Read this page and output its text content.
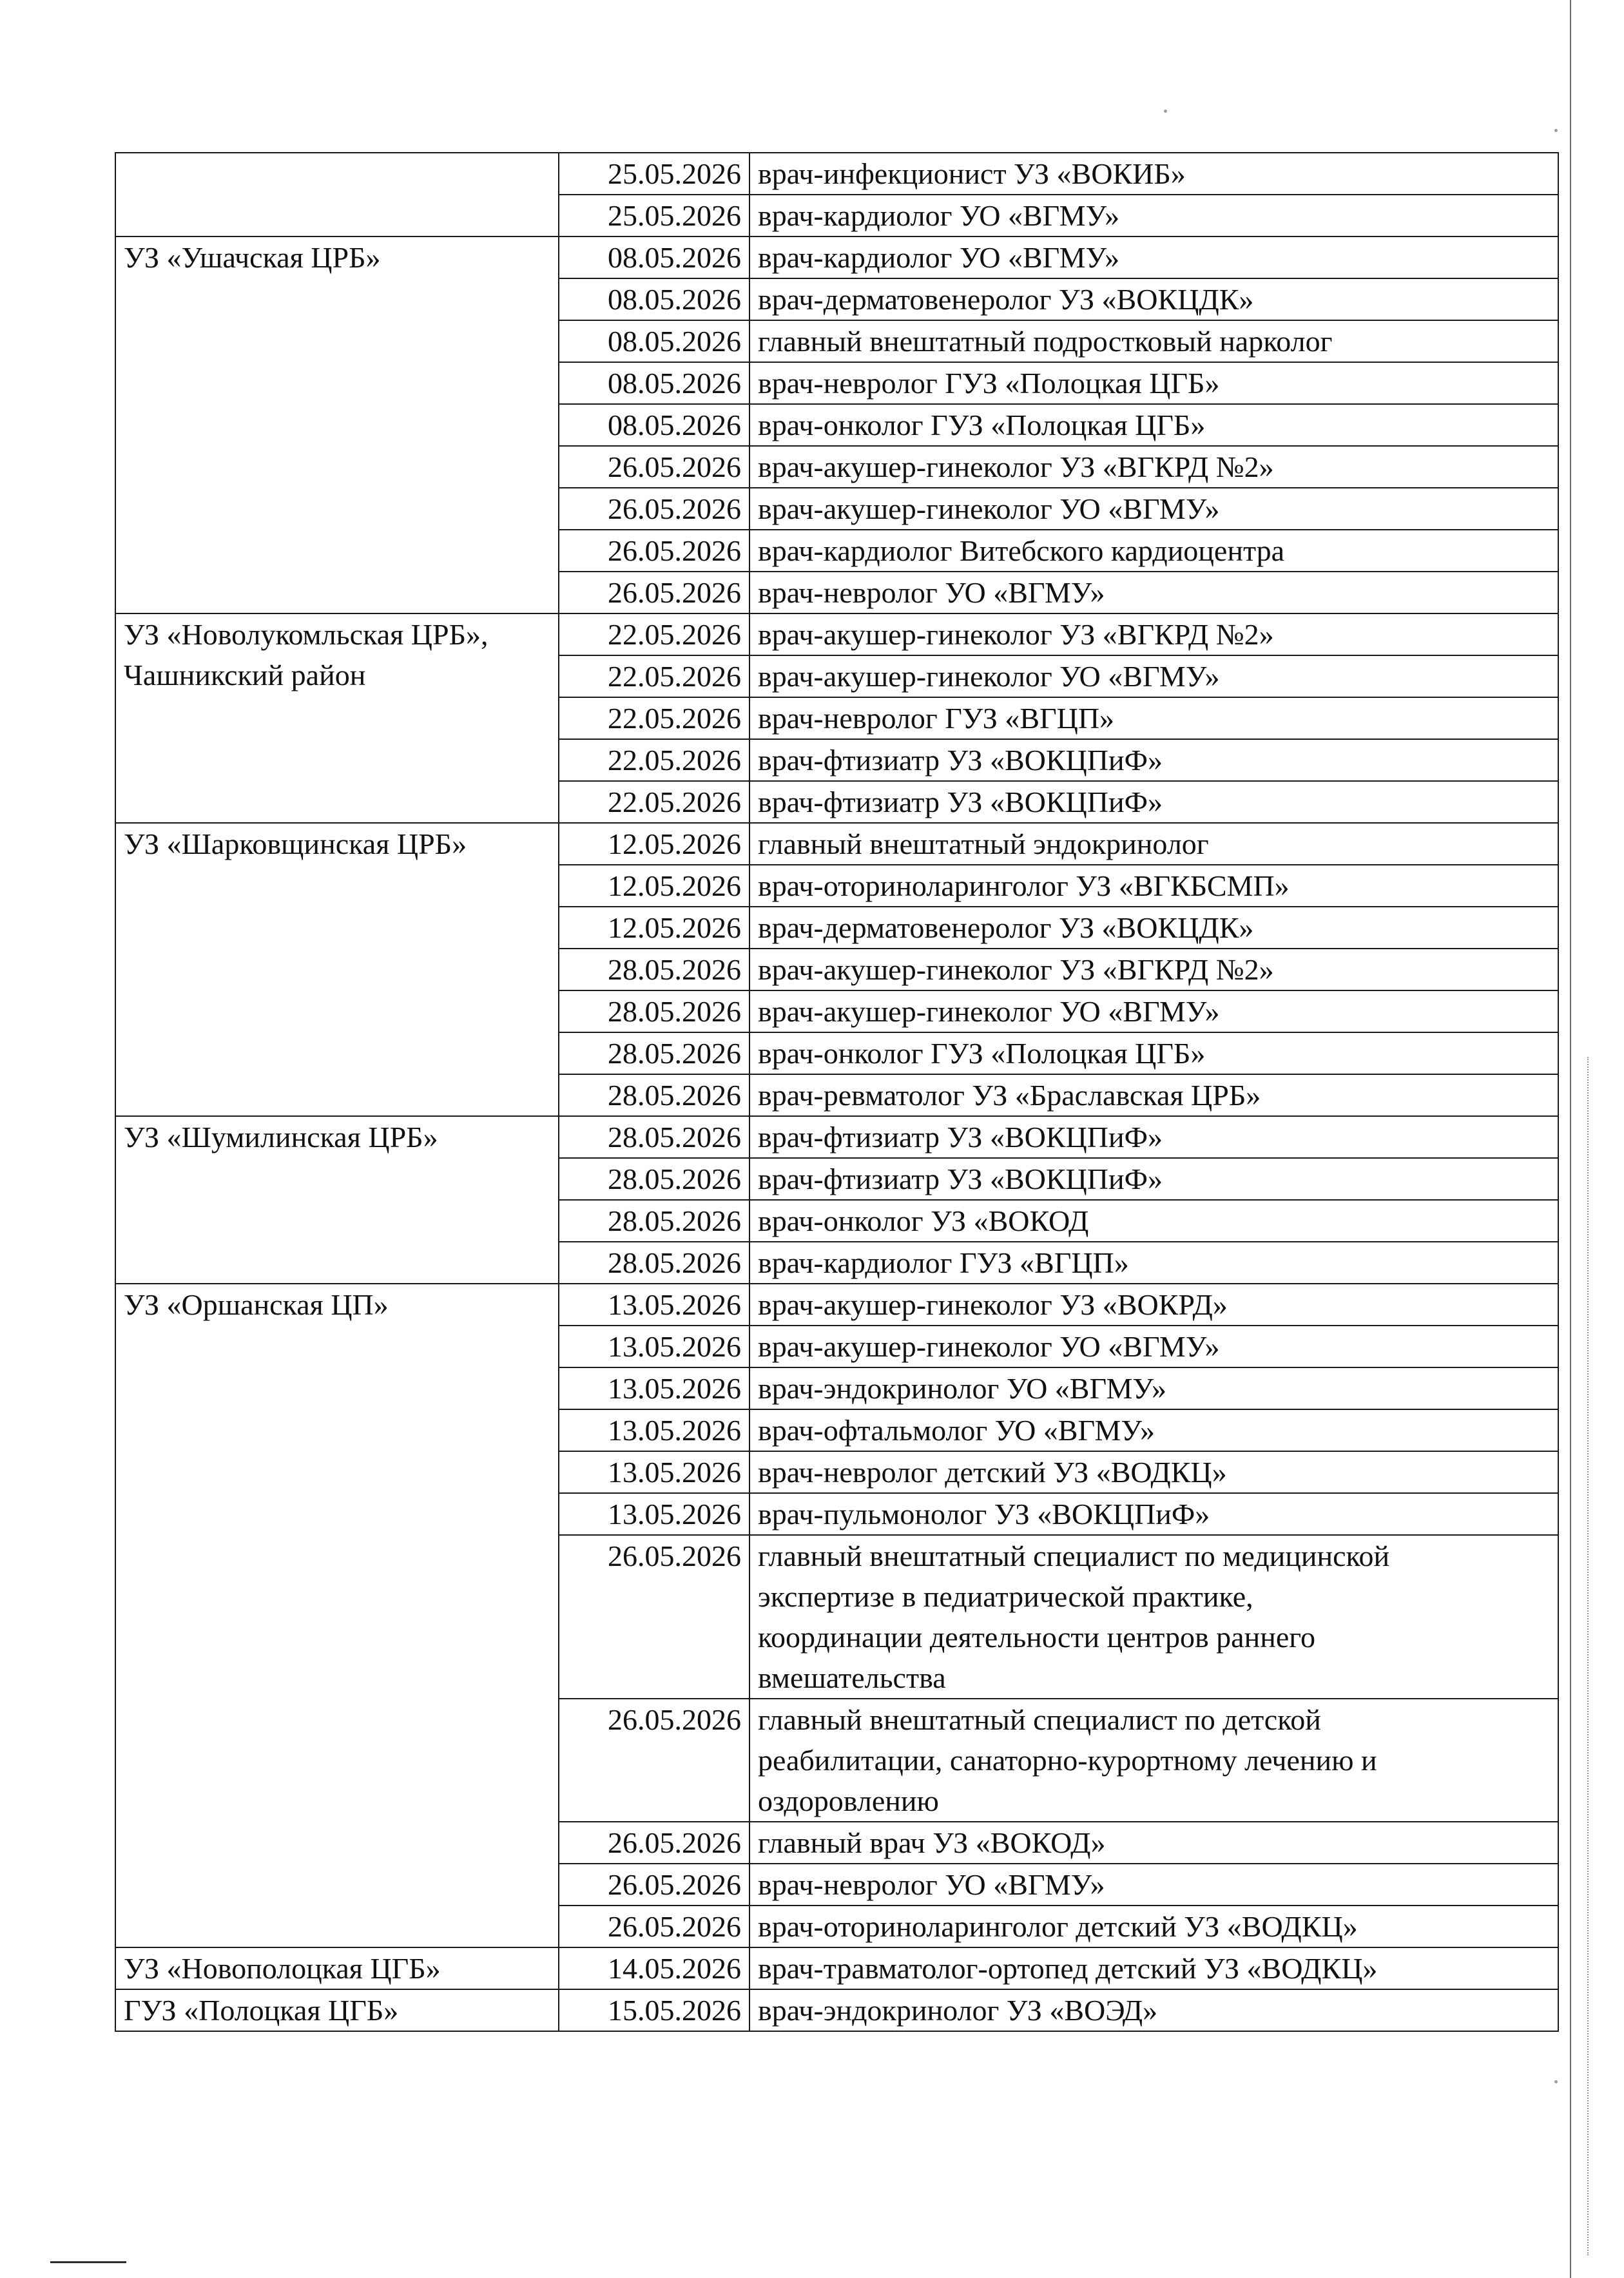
	25.05.2026	врач-инфекционист УЗ «ВОКИБ»

	25.05.2026	врач-кардиолог УО «ВГМУ»

УЗ «Ушачская ЦРБ»	08.05.2026	врач-кардиолог УО «ВГМУ»

	08.05.2026	врач-дерматовенеролог УЗ «ВОКЦДК»

	08.05.2026	главный внештатный подростковый нарколог

	08.05.2026	врач-невролог ГУЗ «Полоцкая ЦГБ»

	08.05.2026	врач-онколог ГУЗ «Полоцкая ЦГБ»

	26.05.2026	врач-акушер-гинеколог УЗ «ВГКРД №2»

	26.05.2026	врач-акушер-гинеколог УО «ВГМУ»

	26.05.2026	врач-кардиолог Витебского кардиоцентра

	26.05.2026	врач-невролог УО «ВГМУ»

УЗ «Новолукомльская ЦРБ», Чашникский район	22.05.2026	врач-акушер-гинеколог УЗ «ВГКРД №2»

	22.05.2026	врач-акушер-гинеколог УО «ВГМУ»

	22.05.2026	врач-невролог ГУЗ «ВГЦП»

	22.05.2026	врач-фтизиатр УЗ «ВОКЦПиФ»

	22.05.2026	врач-фтизиатр УЗ «ВОКЦПиФ»

УЗ «Шарковщинская ЦРБ»	12.05.2026	главный внештатный эндокринолог

	12.05.2026	врач-оториноларинголог УЗ «ВГКБСМП»

	12.05.2026	врач-дерматовенеролог УЗ «ВОКЦДК»

	28.05.2026	врач-акушер-гинеколог УЗ «ВГКРД №2»

	28.05.2026	врач-акушер-гинеколог УО «ВГМУ»

	28.05.2026	врач-онколог ГУЗ «Полоцкая ЦГБ»

	28.05.2026	врач-ревматолог УЗ «Браславская ЦРБ»

УЗ «Шумилинская ЦРБ»	28.05.2026	врач-фтизиатр УЗ «ВОКЦПиФ»

	28.05.2026	врач-фтизиатр УЗ «ВОКЦПиФ»

	28.05.2026	врач-онколог УЗ «ВОКОД

	28.05.2026	врач-кардиолог ГУЗ «ВГЦП»

УЗ «Оршанская ЦП»	13.05.2026	врач-акушер-гинеколог УЗ «ВОКРД»

	13.05.2026	врач-акушер-гинеколог УО «ВГМУ»

	13.05.2026	врач-эндокринолог УО «ВГМУ»

	13.05.2026	врач-офтальмолог УО «ВГМУ»

	13.05.2026	врач-невролог детский УЗ «ВОДКЦ»

	13.05.2026	врач-пульмонолог УЗ «ВОКЦПиФ»

	26.05.2026	главный внештатный специалист по медицинской
экспертизе в педиатрической практике,
координации деятельности центров раннего
вмешательства

	26.05.2026	главный внештатный специалист по детской
реабилитации, санаторно-курортному лечению и
оздоровлению

	26.05.2026	главный врач УЗ «ВОКОД»

	26.05.2026	врач-невролог УО «ВГМУ»

	26.05.2026	врач-оториноларинголог детский УЗ «ВОДКЦ»

УЗ «Новополоцкая ЦГБ»	14.05.2026	врач-травматолог-ортопед детский УЗ «ВОДКЦ»

ГУЗ «Полоцкая ЦГБ»	15.05.2026	врач-эндокринолог УЗ «ВОЭД»
